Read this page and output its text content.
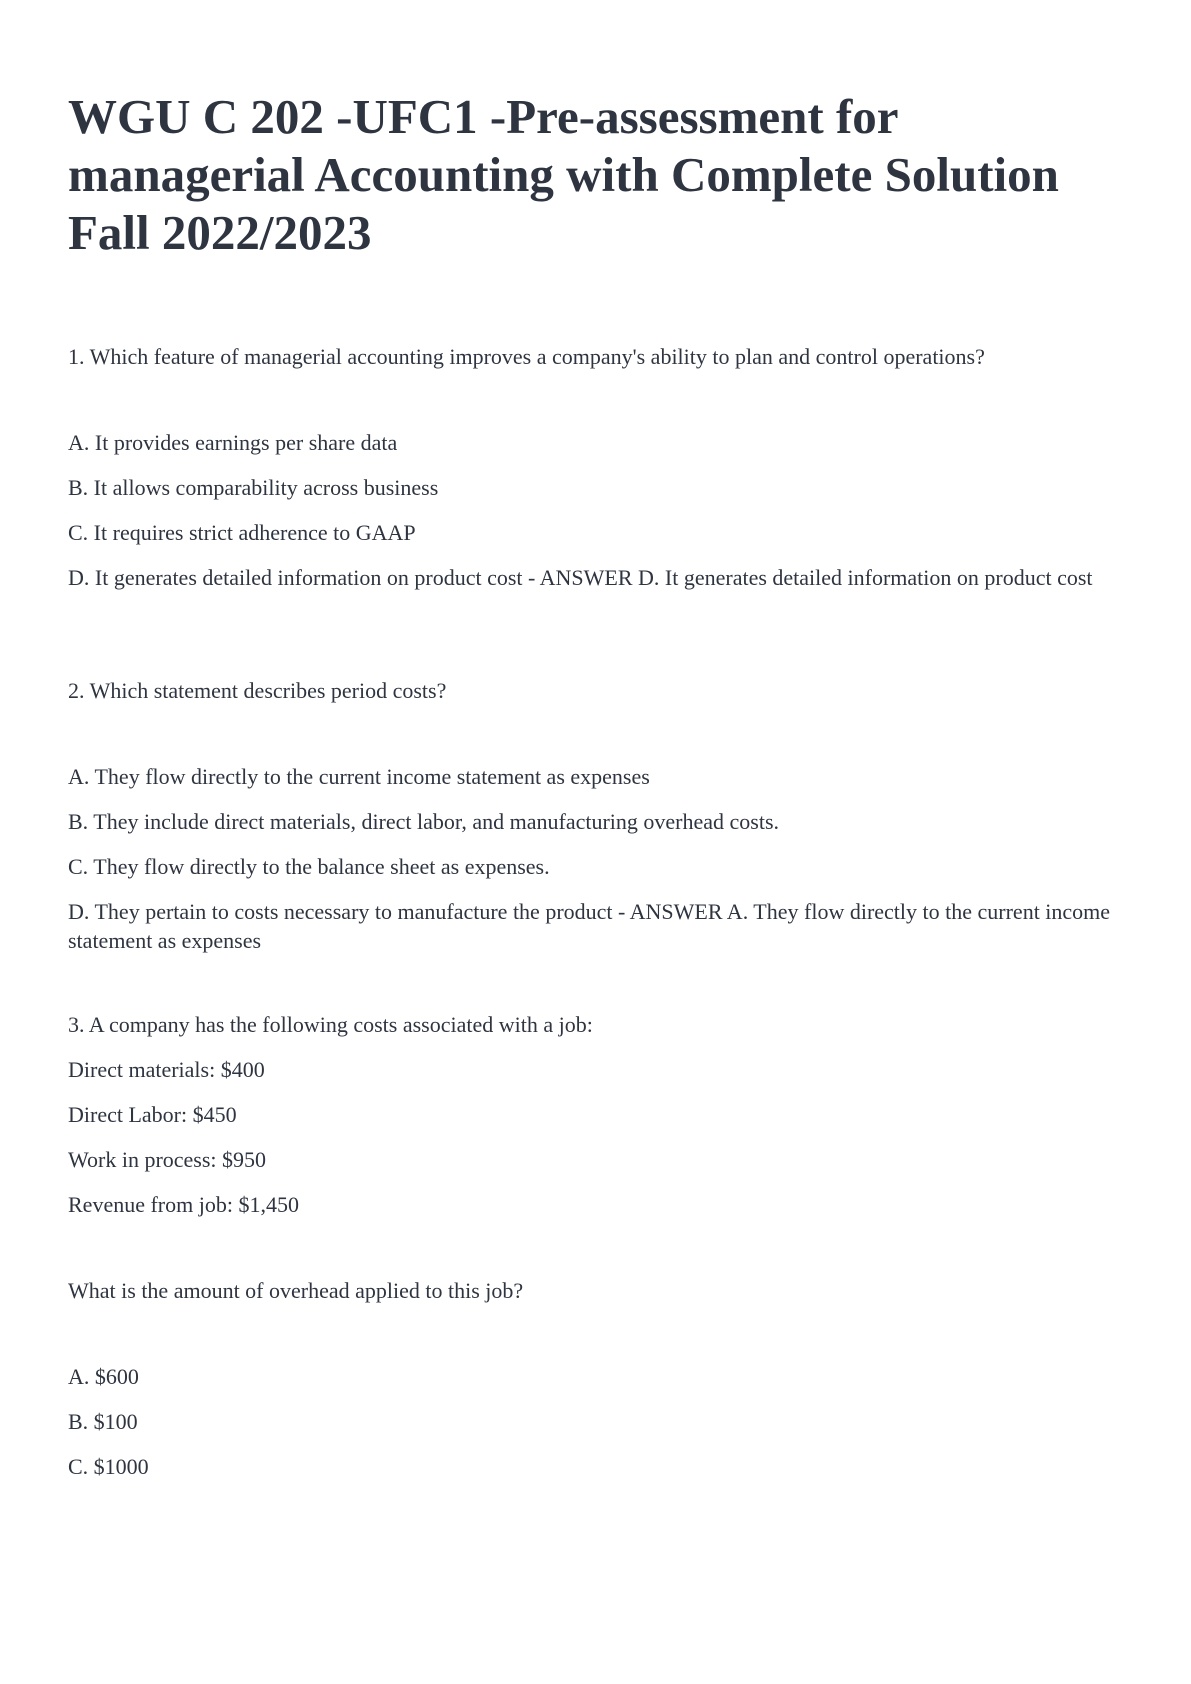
WGU C 202 -UFC1 -Pre-assessment for managerial Accounting with Complete Solution Fall 2022/2023

1. Which feature of managerial accounting improves a company's ability to plan and control operations?

A. It provides earnings per share data

B. It allows comparability across business

C. It requires strict adherence to GAAP

D. It generates detailed information on product cost - ANSWER D. It generates detailed information on product cost

2. Which statement describes period costs?

A. They flow directly to the current income statement as expenses

B. They include direct materials, direct labor, and manufacturing overhead costs.

C. They flow directly to the balance sheet as expenses.

D. They pertain to costs necessary to manufacture the product - ANSWER A. They flow directly to the current income statement as expenses

3. A company has the following costs associated with a job:

Direct materials: $400

Direct Labor: $450

Work in process: $950

Revenue from job: $1,450

What is the amount of overhead applied to this job?

A. $600

B. $100

C. $1000
